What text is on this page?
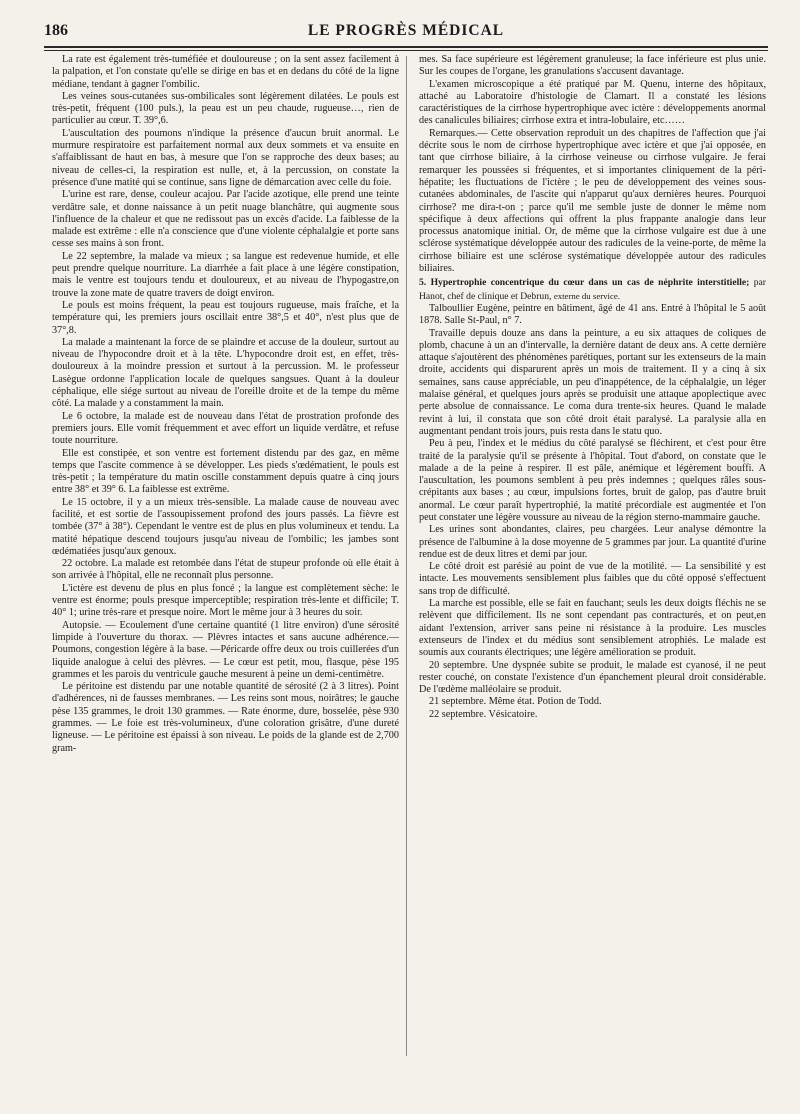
186	LE PROGRÈS MÉDICAL

La rate est également très-tuméfiée et douloureuse ; on la sent assez facilement à la palpation, et l'on constate qu'elle se dirige en bas et en dedans du côté de la ligne médiane, tendant à gagner l'ombilic.

Les veines sous-cutanées sus-ombilicales sont légèrement dilatées. Le pouls est très-petit, fréquent (100 puls.), la peau est un peu chaude, rugueuse…, rien de particulier au cœur. T. 39°,6.

L'auscultation des poumons n'indique la présence d'aucun bruit anormal. Le murmure respiratoire est parfaitement normal aux deux sommets et va ensuite en s'affaiblissant de haut en bas, à mesure que l'on se rapproche des deux bases; au niveau de celles-ci, la respiration est nulle, et, à la percussion, on constate la présence d'une matité qui se continue, sans ligne de démarcation avec celle du foie.

L'urine est rare, dense, couleur acajou. Par l'acide azotique, elle prend une teinte verdâtre sale, et donne naissance à un petit nuage blanchâtre, qui augmente sous l'influence de la chaleur et que ne redissout pas un excès d'acide. La faiblesse de la malade est extrême : elle n'a conscience que d'une violente céphalalgie et porte sans cesse ses mains à son front.

Le 22 septembre, la malade va mieux ; sa langue est redevenue humide, et elle peut prendre quelque nourriture. La diarrhée a fait place à une légère constipation, mais le ventre est toujours tendu et douloureux, et au niveau de l'hypogastre,on trouve la zone mate de quatre travers de doigt environ.

Le pouls est moins fréquent, la peau est toujours rugueuse, mais fraîche, et la température qui, les premiers jours oscillait entre 38°,5 et 40°, n'est plus que de 37°,8.

La malade a maintenant la force de se plaindre et accuse de la douleur, surtout au niveau de l'hypocondre droit et à la tête. L'hypocondre droit est, en effet, très-douloureux à la moindre pression et surtout à la percussion. M. le professeur Lasègue ordonne l'application locale de quelques sangsues. Quant à la douleur céphalique, elle siége surtout au niveau de l'oreille droite et de la tempe du même côté. La malade y a constamment la main.

Le 6 octobre, la malade est de nouveau dans l'état de prostration profonde des premiers jours. Elle vomit fréquemment et avec effort un liquide verdâtre, et refuse toute nourriture.

Elle est constipée, et son ventre est fortement distendu par des gaz, en même temps que l'ascite commence à se développer. Les pieds s'œdématient, le pouls est très-petit ; la température du matin oscille constamment depuis quatre à cinq jours entre 38° et 39° 6. La faiblesse est extrême.

Le 15 octobre, il y a un mieux très-sensible. La malade cause de nouveau avec facilité, et est sortie de l'assoupissement profond des jours passés. La fièvre est tombée (37° à 38°). Cependant le ventre est de plus en plus volumineux et tendu. La matité hépatique descend toujours jusqu'au niveau de l'ombilic; les jambes sont œdématiées jusqu'aux genoux.

22 octobre. La malade est retombée dans l'état de stupeur profonde où elle était à son arrivée à l'hôpital, elle ne reconnaît plus personne.

L'ictère est devenu de plus en plus foncé ; la langue est complètement sèche: le ventre est énorme; pouls presque imperceptible; respiration très-lente et difficile; T. 40° 1; urine très-rare et presque noire. Mort le même jour à 3 heures du soir.

Autopsie. — Ecoulement d'une certaine quantité (1 litre environ) d'une sérosité limpide à l'ouverture du thorax. — Plèvres intactes et sans aucune adhérence.—Poumons, congestion légère à la base. —Péricarde offre deux ou trois cuillerées d'un liquide analogue à celui des plèvres. — Le cœur est petit, mou, flasque, pèse 195 grammes et les parois du ventricule gauche mesurent à peine un demi-centimètre.

Le péritoine est distendu par une notable quantité de sérosité (2 à 3 litres). Point d'adhérences, ni de fausses membranes. — Les reins sont mous, noirâtres; le gauche pèse 135 grammes, le droit 130 grammes. — Rate énorme, dure, bosselée, pèse 930 grammes. — Le foie est très-volumineux, d'une coloration grisâtre, d'une dureté ligneuse. — Le péritoine est épaissi à son niveau. Le poids de la glande est de 2,700 gram-

mes. Sa face supérieure est légèrement granuleuse; la face inférieure est plus unie. Sur les coupes de l'organe, les granulations s'accusent davantage.

L'examen microscopique a été pratiqué par M. Quenu, interne des hôpitaux, attaché au Laboratoire d'histologie de Clamart. Il a constaté les lésions caractéristiques de la cirrhose hypertrophique avec ictère : développements anormal des canalicules biliaires; cirrhose extra et intra-lobulaire, etc……

Remarques.— Cette observation reproduit un des chapitres de l'affection que j'ai décrite sous le nom de cirrhose hypertrophique avec ictère et que j'ai opposée, en tant que cirrhose biliaire, à la cirrhose veineuse ou cirrhose vulgaire. Je ferai remarquer les poussées si fréquentes, et si importantes cliniquement de la péri-hépatite; les fluctuations de l'ictère ; le peu de développement des veines sous-cutanées abdominales, de l'ascite qui n'apparut qu'aux dernières heures. Pourquoi cirrhose? me dira-t-on ; parce qu'il me semble juste de donner le même nom spécifique à deux affections qui offrent la plus frappante analogie dans leur processus anatomique initial. Or, de même que la cirrhose vulgaire est due à une sclérose systématique développée autour des radicules de la veine-porte, de même la cirrhose biliaire est une sclérose systématique développée autour des radicules biliaires.

5. Hypertrophie concentrique du cœur dans un cas de néphrite interstitielle; par Hanot, chef de clinique et Debrun, externe du service.

Talboullier Eugène, peintre en bâtiment, âgé de 41 ans. Entré à l'hôpital le 5 août 1878. Salle St-Paul, n° 7.

Travaille depuis douze ans dans la peinture, a eu six attaques de coliques de plomb, chacune à un an d'intervalle, la dernière datant de deux ans. A cette dernière attaque s'ajoutèrent des phénomènes parétiques, portant sur les extenseurs de la main droite, accidents qui disparurent après un mois de traitement. Il y a cinq à six semaines, sans cause appréciable, un peu d'inappétence, de la céphalalgie, un léger malaise général, et quelques jours après se produisit une attaque apoplectique avec perte absolue de connaissance. Le coma dura trente-six heures. Quand le malade revint à lui, il constata que son côté droit était paralysé. La paralysie alla en augmentant pendant trois jours, puis resta dans le statu quo.

Peu à peu, l'index et le médius du côté paralysé se fléchirent, et c'est pour être traité de la paralysie qu'il se présente à l'hôpital. Tout d'abord, on constate que le malade a de la peine à respirer. Il est pâle, anémique et légèrement bouffi. A l'auscultation, les poumons semblent à peu près indemnes ; quelques râles sous-crépitants aux bases ; au cœur, impulsions fortes, bruit de galop, pas d'autre bruit anormal. Le cœur paraît hypertrophié, la matité précordiale est augmentée et l'on peut constater une légère voussure au niveau de la région sterno-mammaire gauche.

Les urines sont abondantes, claires, peu chargées. Leur analyse démontre la présence de l'albumine à la dose moyenne de 5 grammes par jour. La quantité d'urine rendue est de deux litres et demi par jour.

Le côté droit est parésié au point de vue de la motilité. — La sensibilité y est intacte. Les mouvements sensiblement plus faibles que du côté opposé s'effectuent sans trop de difficulté.

La marche est possible, elle se fait en fauchant; seuls les deux doigts fléchis ne se relèvent que difficilement. Ils ne sont cependant pas contracturés, et on peut,en aidant l'extension, arriver sans peine ni résistance à la produire. Les muscles extenseurs de l'index et du médius sont sensiblement atrophiés. Le malade est soumis aux courants électriques; une légère amélioration se produit.

20 septembre. Une dyspnée subite se produit, le malade est cyanosé, il ne peut rester couché, on constate l'existence d'un épanchement pleural droit considérable. De l'œdème malléolaire se produit.

21 septembre. Même état. Potion de Todd.

22 septembre. Vésicatoire.
